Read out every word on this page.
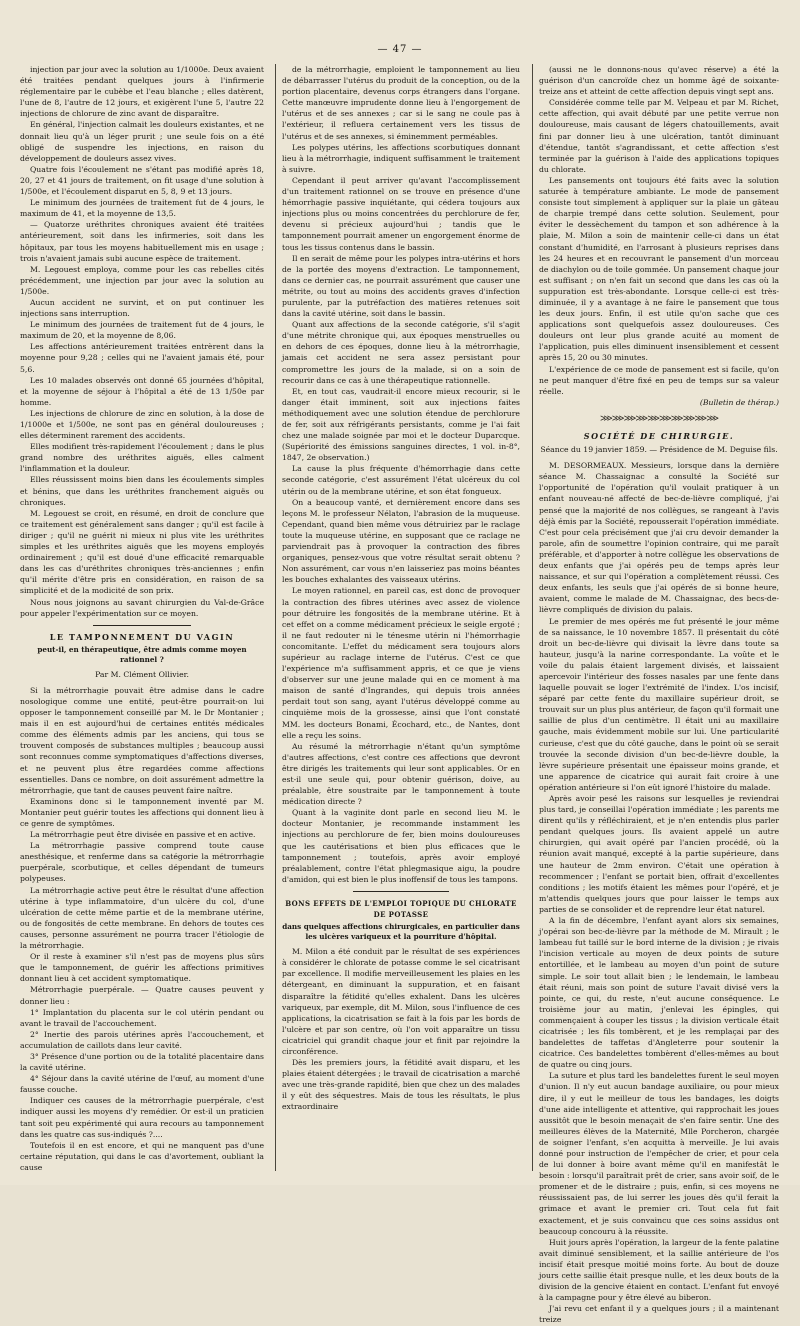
— 47 —

injection par jour avec la solution au 1/1000e. Deux avaient été traitées pendant quelques jours à l'infirmerie réglementaire par le cubèbe et l'eau blanche ; elles datèrent, l'une de 8, l'autre de 12 jours, et exigèrent l'une 5, l'autre 22 injections de chlorure de zinc avant de disparaître.

En général, l'injection calmait les douleurs existantes, et ne donnait lieu qu'à un léger prurit ; une seule fois on a été obligé de suspendre les injections, en raison du développement de douleurs assez vives.

Quatre fois l'écoulement ne s'étant pas modifié après 18, 20, 27 et 41 jours de traitement, on fit usage d'une solution à 1/500e, et l'écoulement disparut en 5, 8, 9 et 13 jours.

Le minimum des journées de traitement fut de 4 jours, le maximum de 41, et la moyenne de 13,5.

— Quatorze uréthrites chroniques avaient été traitées antérieurement, soit dans les infirmeries, soit dans les hôpitaux, par tous les moyens habituellement mis en usage ; trois n'avaient jamais subi aucune espèce de traitement.

M. Legouest employa, comme pour les cas rebelles cités précédemment, une injection par jour avec la solution au 1/500e.

Aucun accident ne survint, et on put continuer les injections sans interruption.

Le minimum des journées de traitement fut de 4 jours, le maximum de 20, et la moyenne de 8,06.

Les affections antérieurement traitées entrèrent dans la moyenne pour 9,28 ; celles qui ne l'avaient jamais été, pour 5,6.

Les 10 malades observés ont donné 65 journées d'hôpital, et la moyenne de séjour à l'hôpital a été de 13 1/50e par homme.

Les injections de chlorure de zinc en solution, à la dose de 1/1000e et 1/500e, ne sont pas en général douloureuses ; elles déterminent rarement des accidents.

Elles modifient très-rapidement l'écoulement ; dans le plus grand nombre des uréthrites aiguës, elles calment l'inflammation et la douleur.

Elles réussissent moins bien dans les écoulements simples et bénins, que dans les uréthrites franchement aiguës ou chroniques.

M. Legouest se croit, en résumé, en droit de conclure que ce traitement est généralement sans danger ; qu'il est facile à diriger ; qu'il ne guérit ni mieux ni plus vite les uréthrites simples et les uréthrites aiguës que les moyens employés ordinairement ; qu'il est doué d'une efficacité remarquable dans les cas d'uréthrites chroniques très-anciennes ; enfin qu'il mérite d'être pris en considération, en raison de sa simplicité et de la modicité de son prix.

Nous nous joignons au savant chirurgien du Val-de-Grâce pour appeler l'expérimentation sur ce moyen.

LE TAMPONNEMENT DU VAGIN
peut-il, en thérapeutique, être admis comme moyen rationnel ?
Par M. Clément Ollivier.

Si la métrorrhagie pouvait être admise dans le cadre nosologique comme une entité, peut-être pourrait-on lui opposer le tamponnement conseillé par M. le Dr Montanier ; mais il en est aujourd'hui de certaines entités médicales comme des éléments admis par les anciens, qui tous se trouvent composés de substances multiples ; beaucoup aussi sont reconnues comme symptomatiques d'affections diverses, et ne peuvent plus être regardées comme affections essentielles. Dans ce nombre, on doit assurément admettre la métrorrhagie, que tant de causes peuvent faire naître.

Examinons donc si le tamponnement inventé par M. Montanier peut guérir toutes les affections qui donnent lieu à ce genre de symptômes.

La métrorrhagie peut être divisée en passive et en active.

La métrorrhagie passive comprend toute cause anesthésique, et renferme dans sa catégorie la métrorrhagie puerpérale, scorbutique, et celles dépendant de tumeurs polypeuses.

La métrorrhagie active peut être le résultat d'une affection utérine à type inflammatoire, d'un ulcère du col, d'une ulcération de cette même partie et de la membrane utérine, ou de fongosités de cette membrane. En dehors de toutes ces causes, personne assurément ne pourra tracer l'étiologie de la métrorrhagie.

Or il reste à examiner s'il n'est pas de moyens plus sûrs que le tamponnement, de guérir les affections primitives donnant lieu à cet accident symptomatique.

Métrorrhagie puerpérale. — Quatre causes peuvent y donner lieu :

1° Implantation du placenta sur le col utérin pendant ou avant le travail de l'accouchement.

2° Inertie des parois utérines après l'accouchement, et accumulation de caillots dans leur cavité.

3° Présence d'une portion ou de la totalité placentaire dans la cavité utérine.

4° Séjour dans la cavité utérine de l'œuf, au moment d'une fausse couche.

Indiquer ces causes de la métrorrhagie puerpérale, c'est indiquer aussi les moyens d'y remédier. Or est-il un praticien tant soit peu expérimenté qui aura recours au tamponnement dans les quatre cas sus-indiqués ?....

Toutefois il en est encore, et qui ne manquent pas d'une certaine réputation, qui dans le cas d'avortement, oubliant la cause

de la métrorrhagie, emploient le tamponnement au lieu de débarrasser l'utérus du produit de la conception, ou de la portion placentaire, devenus corps étrangers dans l'organe. Cette manœuvre imprudente donne lieu à l'engorgement de l'utérus et de ses annexes ; car si le sang ne coule pas à l'extérieur, il refluera certainement vers les tissus de l'utérus et de ses annexes, si éminemment perméables.

Les polypes utérins, les affections scorbutiques donnant lieu à la métrorrhagie, indiquent suffisamment le traitement à suivre.

Cependant il peut arriver qu'avant l'accomplissement d'un traitement rationnel on se trouve en présence d'une hémorrhagie passive inquiétante, qui cédera toujours aux injections plus ou moins concentrées du perchlorure de fer, devenu si précieux aujourd'hui ; tandis que le tamponnement pourrait amener un engorgement énorme de tous les tissus contenus dans le bassin.

Il en serait de même pour les polypes intra-utérins et hors de la portée des moyens d'extraction. Le tamponnement, dans ce dernier cas, ne pourrait assurément que causer une métrite, ou tout au moins des accidents graves d'infection purulente, par la putréfaction des matières retenues soit dans la cavité utérine, soit dans le bassin.

Quant aux affections de la seconde catégorie, s'il s'agit d'une métrite chronique qui, aux époques menstruelles ou en dehors de ces époques, donne lieu à la métrorrhagie, jamais cet accident ne sera assez persistant pour compromettre les jours de la malade, si on a soin de recourir dans ce cas à une thérapeutique rationnelle.

Et, en tout cas, vaudrait-il encore mieux recourir, si le danger était imminent, soit aux injections faites méthodiquement avec une solution étendue de perchlorure de fer, soit aux réfrigérants persistants, comme je l'ai fait chez une malade soignée par moi et le docteur Duparcque. (Supériorité des émissions sanguines directes, 1 vol. in-8°, 1847, 2e observation.)

La cause la plus fréquente d'hémorrhagie dans cette seconde catégorie, c'est assurément l'état ulcéreux du col utérin ou de la membrane utérine, et son état fongueux.

On a beaucoup vanté, et dernièrement encore dans ses leçons M. le professeur Nélaton, l'abrasion de la muqueuse. Cependant, quand bien même vous détruiriez par le raclage toute la muqueuse utérine, en supposant que ce raclage ne parviendrait pas à provoquer la contraction des fibres organiques, pensez-vous que votre résultat serait obtenu ? Non assurément, car vous n'en laisseriez pas moins béantes les bouches exhalantes des vaisseaux utérins.

Le moyen rationnel, en pareil cas, est donc de provoquer la contraction des fibres utérines avec assez de violence pour détruire les fongosités de la membrane utérine. Et à cet effet on a comme médicament précieux le seigle ergoté ; il ne faut redouter ni le ténesme utérin ni l'hémorrhagie concomitante. L'effet du médicament sera toujours alors supérieur au raclage interne de l'utérus. C'est ce que l'expérience m'a suffisamment appris, et ce que je viens d'observer sur une jeune malade qui en ce moment à ma maison de santé d'Ingrandes, qui depuis trois années perdait tout son sang, ayant l'utérus développé comme au cinquième mois de la grossesse, ainsi que l'ont constaté MM. les docteurs Bonami, Écochard, etc., de Nantes, dont elle a reçu les soins.

Au résumé la métrorrhagie n'étant qu'un symptôme d'autres affections, c'est contre ces affections que devront être dirigés les traitements qui leur sont applicables. Or en est-il une seule qui, pour obtenir guérison, doive, au préalable, être soustraite par le tamponnement à toute médication directe ?

Quant à la vaginite dont parle en second lieu M. le docteur Montanier, je recommande instamment les injections au perchlorure de fer, bien moins douloureuses que les cautérisations et bien plus efficaces que le tamponnement ; toutefois, après avoir employé préalablement, contre l'état phlegmasique aigu, la poudre d'amidon, qui est bien le plus inoffensif de tous les tampons.

BONS EFFETS DE L'EMPLOI TOPIQUE DU CHLORATE DE POTASSE
dans quelques affections chirurgicales, en particulier dans les ulcères variqueux et la pourriture d'hôpital.

M. Milon a été conduit par le résultat de ses expériences à considérer le chlorate de potasse comme le sel cicatrisant par excellence. Il modifie merveilleusement les plaies en les détergeant, en diminuant la suppuration, et en faisant disparaître la fétidité qu'elles exhalent. Dans les ulcères variqueux, par exemple, dit M. Milon, sous l'influence de ces applications, la cicatrisation se fait à la fois par les bords de l'ulcère et par son centre, où l'on voit apparaître un tissu cicatriciel qui grandit chaque jour et finit par rejoindre la circonférence.

Dès les premiers jours, la fétidité avait disparu, et les plaies étaient détergées ; le travail de cicatrisation a marché avec une très-grande rapidité, bien que chez un des malades il y eût des séquestres. Mais de tous les résultats, le plus extraordinaire

(aussi ne le donnons-nous qu'avec réserve) a été la guérison d'un cancroïde chez un homme âgé de soixante-treize ans et atteint de cette affection depuis vingt sept ans.

Considérée comme telle par M. Velpeau et par M. Richet, cette affection, qui avait débuté par une petite verrue non douloureuse, mais causant de légers chatouillements, avait fini par donner lieu à une ulcération, tantôt diminuant d'étendue, tantôt s'agrandissant, et cette affection s'est terminée par la guérison à l'aide des applications topiques du chlorate.

Les pansements ont toujours été faits avec la solution saturée à température ambiante. Le mode de pansement consiste tout simplement à appliquer sur la plaie un gâteau de charpie trempé dans cette solution. Seulement, pour éviter le dessèchement du tampon et son adhérence à la plaie, M. Milon a soin de maintenir celle-ci dans un état constant d'humidité, en l'arrosant à plusieurs reprises dans les 24 heures et en recouvrant le pansement d'un morceau de diachylon ou de toile gommée. Un pansement chaque jour est suffisant ; on n'en fait un second que dans les cas où la suppuration est très-abondante. Lorsque celle-ci est très-diminuée, il y a avantage à ne faire le pansement que tous les deux jours. Enfin, il est utile qu'on sache que ces applications sont quelquefois assez douloureuses. Ces douleurs ont leur plus grande acuité au moment de l'application, puis elles diminuent insensiblement et cessent après 15, 20 ou 30 minutes.

L'expérience de ce mode de pansement est si facile, qu'on ne peut manquer d'être fixé en peu de temps sur sa valeur réelle.

(Bulletin de thérap.)
⋙⋙⋙⋙⋙⋙⋙⋙⋙⋙
SOCIÉTÉ DE CHIRURGIE.
Séance du 19 janvier 1859. — Présidence de M. Deguise fils.

M. DESORMEAUX. Messieurs, lorsque dans la dernière séance M. Chassaignac a consulté la Société sur l'opportunité de l'opération qu'il voulait pratiquer à un enfant nouveau-né affecté de bec-de-lièvre compliqué, j'ai pensé que la majorité de nos collègues, se rangeant à l'avis déjà émis par la Société, repousserait l'opération immédiate. C'est pour cela précisément que j'ai cru devoir demander la parole, afin de soumettre l'opinion contraire, qui me paraît préférable, et d'apporter à notre collègue les observations de deux enfants que j'ai opérés peu de temps après leur naissance, et sur qui l'opération a complètement réussi. Ces deux enfants, les seuls que j'ai opérés de si bonne heure, avaient, comme le malade de M. Chassaignac, des becs-de-lièvre compliqués de division du palais.

Le premier de mes opérés me fut présenté le jour même de sa naissance, le 10 novembre 1857. Il présentait du côté droit un bec-de-lièvre qui divisait la lèvre dans toute sa hauteur, jusqu'à la narine correspondante. La voûte et le voile du palais étaient largement divisés, et laissaient apercevoir l'intérieur des fosses nasales par une fente dans laquelle pouvait se loger l'extrémité de l'index. L'os incisif, séparé par cette fente du maxillaire supérieur droit, se trouvait sur un plus plus antérieur, de façon qu'il formait une saillie de plus d'un centimètre. Il était uni au maxillaire gauche, mais évidemment mobile sur lui. Une particularité curieuse, c'est que du côté gauche, dans le point où se serait trouvée la seconde division d'un bec-de-lièvre double, la lèvre supérieure présentait une épaisseur moins grande, et une apparence de cicatrice qui aurait fait croire à une opération antérieure si l'on eût ignoré l'histoire du malade.

Après avoir pesé les raisons sur lesquelles je reviendrai plus tard, je conseillai l'opération immédiate ; les parents me dirent qu'ils y réfléchiraient, et je n'en entendis plus parler pendant quelques jours. Ils avaient appelé un autre chirurgien, qui avait opéré par l'ancien procédé, où la réunion avait manqué, excepté à la partie supérieure, dans une hauteur de 2mm environ. C'était une opération à recommencer ; l'enfant se portait bien, offrait d'excellentes conditions ; les motifs étaient les mêmes pour l'opéré, et je m'attendis quelques jours que pour laisser le temps aux parties de se consolider et de reprendre leur état naturel.

A la fin de décembre, l'enfant ayant alors six semaines, j'opérai son bec-de-lièvre par la méthode de M. Mirault ; le lambeau fut taillé sur le bord interne de la division ; je rivais l'incision verticale au moyen de deux points de suture entortillée, et le lambeau au moyen d'un point de suture simple. Le soir tout allait bien ; le lendemain, le lambeau était réuni, mais son point de suture l'avait divisé vers la pointe, ce qui, du reste, n'eut aucune conséquence. Le troisième jour au matin, j'enlevai les épingles, qui commençaient à couper les tissus ; la division verticale était cicatrisée ; les fils tombèrent, et je les remplaçai par des bandelettes de taffetas d'Angleterre pour soutenir la cicatrice. Ces bandelettes tombèrent d'elles-mêmes au bout de quatre ou cinq jours.

La suture et plus tard les bandelettes furent le seul moyen d'union. Il n'y eut aucun bandage auxiliaire, ou pour mieux dire, il y eut le meilleur de tous les bandages, les doigts d'une aide intelligente et attentive, qui rapprochait les joues aussitôt que le besoin menaçait de s'en faire sentir. Une des meilleures élèves de la Maternité, Mlle Porcheron, chargée de soigner l'enfant, s'en acquitta à merveille. Je lui avais donné pour instruction de l'empêcher de crier, et pour cela de lui donner à boire avant même qu'il en manifestât le besoin : lorsqu'il paraîtrait prêt de crier, sans avoir soif, de le promener et de le distraire ; puis, enfin, si ces moyens ne réussissaient pas, de lui serrer les joues dès qu'il ferait la grimace et avant le premier cri. Tout cela fut fait exactement, et je suis convaincu que ces soins assidus ont beaucoup concouru à la réussite.

Huit jours après l'opération, la largeur de la fente palatine avait diminué sensiblement, et la saillie antérieure de l'os incisif était presque moitié moins forte. Au bout de douze jours cette saillie était presque nulle, et les deux bouts de la division de la gencive étaient en contact. L'enfant fut envoyé à la campagne pour y être élevé au biberon.

J'ai revu cet enfant il y a quelques jours ; il a maintenant treize
